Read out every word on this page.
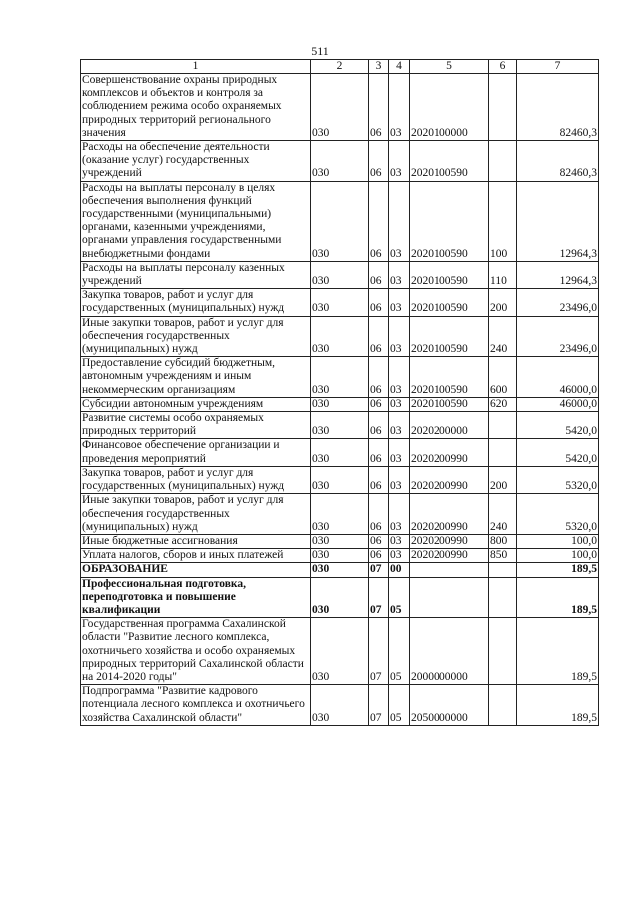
511
1	2	3	4	5	6	7
Совершенствование охраны природных комплексов и объектов и контроля за соблюдением режима особо охраняемых природных территорий регионального значения	030	06	03	2020100000		82460,3
Расходы на обеспечение деятельности (оказание услуг) государственных учреждений	030	06	03	2020100590		82460,3
Расходы на выплаты персоналу в целях обеспечения выполнения функций государственными (муниципальными) органами, казенными учреждениями, органами управления государственными внебюджетными фондами	030	06	03	2020100590	100	12964,3
Расходы на выплаты персоналу казенных учреждений	030	06	03	2020100590	110	12964,3
Закупка товаров, работ и услуг для государственных (муниципальных) нужд	030	06	03	2020100590	200	23496,0
Иные закупки товаров, работ и услуг для обеспечения государственных (муниципальных) нужд	030	06	03	2020100590	240	23496,0
Предоставление субсидий бюджетным, автономным учреждениям и иным некоммерческим организациям	030	06	03	2020100590	600	46000,0
Субсидии автономным учреждениям	030	06	03	2020100590	620	46000,0
Развитие системы особо охраняемых природных территорий	030	06	03	2020200000		5420,0
Финансовое обеспечение организации и проведения мероприятий	030	06	03	2020200990		5420,0
Закупка товаров, работ и услуг для государственных (муниципальных) нужд	030	06	03	2020200990	200	5320,0
Иные закупки товаров, работ и услуг для обеспечения государственных (муниципальных) нужд	030	06	03	2020200990	240	5320,0
Иные бюджетные ассигнования	030	06	03	2020200990	800	100,0
Уплата налогов, сборов и иных платежей	030	06	03	2020200990	850	100,0
ОБРАЗОВАНИЕ	030	07	00			189,5
Профессиональная подготовка, переподготовка и повышение квалификации	030	07	05			189,5
Государственная программа Сахалинской области "Развитие лесного комплекса, охотничьего хозяйства и особо охраняемых природных территорий Сахалинской области на 2014-2020 годы"	030	07	05	2000000000		189,5
Подпрограмма "Развитие кадрового потенциала лесного комплекса и охотничьего хозяйства Сахалинской области"	030	07	05	2050000000		189,5
